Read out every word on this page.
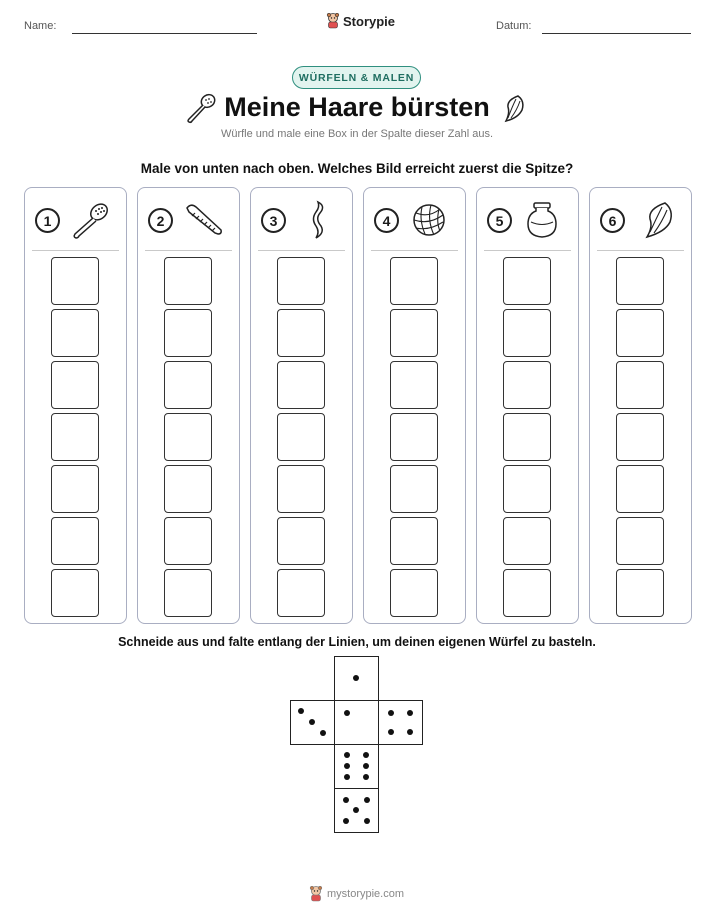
Name:	Storypie	Datum:
WÜRFELN & MALEN
Meine Haare bürsten
Würfle und male eine Box in der Spalte dieser Zahl aus.
Male von unten nach oben. Welches Bild erreicht zuerst die Spitze?
1	2	3	4	5	6
Schneide aus und falte entlang der Linien, um deinen eigenen Würfel zu basteln.
mystorypie.com
